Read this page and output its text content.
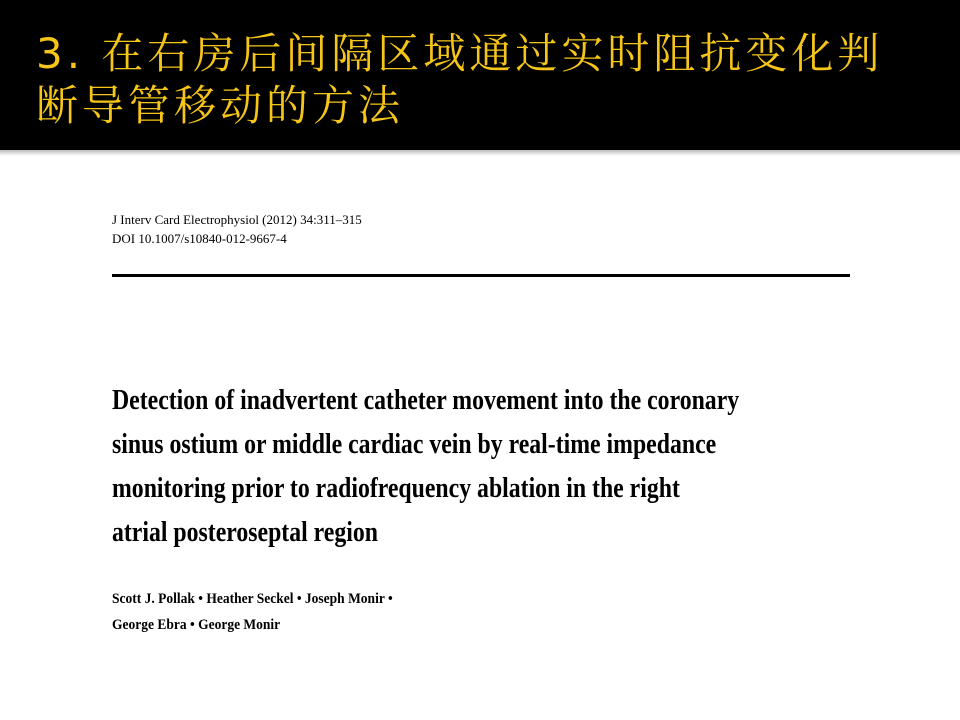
3. 在右房后间隔区域通过实时阻抗变化判
断导管移动的方法
J Interv Card Electrophysiol (2012) 34:311–315
DOI 10.1007/s10840-012-9667-4
Detection of inadvertent catheter movement into the coronary
sinus ostium or middle cardiac vein by real-time impedance
monitoring prior to radiofrequency ablation in the right
atrial posteroseptal region
Scott J. Pollak • Heather Seckel • Joseph Monir •
George Ebra • George Monir
